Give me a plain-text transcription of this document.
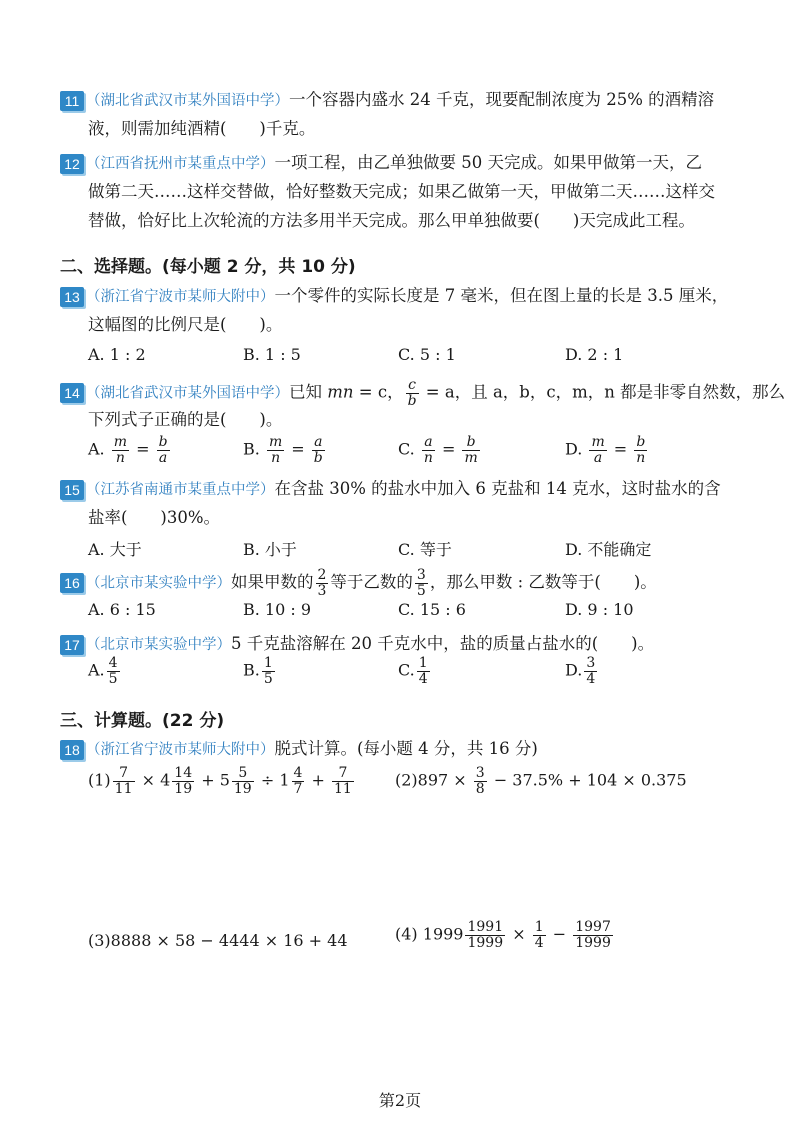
11 （湖北省武汉市某外国语中学）一个容器内盛水 24 千克，现要配制浓度为 25% 的酒精溶
液，则需加纯酒精(　　)千克。
12 （江西省抚州市某重点中学）一项工程，由乙单独做要 50 天完成。如果甲做第一天，乙
做第二天……这样交替做，恰好整数天完成；如果乙做第一天，甲做第二天……这样交
替做，恰好比上次轮流的方法多用半天完成。那么甲单独做要(　　)天完成此工程。
二、选择题。(每小题 2 分，共 10 分)
13 （浙江省宁波市某师大附中）一个零件的实际长度是 7 毫米，但在图上量的长是 3.5 厘米，
这幅图的比例尺是(　　)。
A. 1 : 2	B. 1 : 5	C. 5 : 1	D. 2 : 1
14 （湖北省武汉市某外国语中学）已知 mn = c， $\frac{c}{b} = a$，且 a，b，c，m，n 都是非零自然数，那么
下列式子正确的是(　　)。
A. $\frac{m}{n} = \frac{b}{a}$	B. $\frac{m}{n} = \frac{a}{b}$	C. $\frac{a}{n} = \frac{b}{m}$	D. $\frac{m}{a} = \frac{b}{n}$
15 （江苏省南通市某重点中学）在含盐 30% 的盐水中加入 6 克盐和 14 克水，这时盐水的含
盐率(　　)30%。
A. 大于	B. 小于	C. 等于	D. 不能确定
16 （北京市某实验中学）如果甲数的 $\frac{2}{3}$ 等于乙数的 $\frac{3}{5}$ ，那么甲数 : 乙数等于(　　)。
A. 6 : 15	B. 10 : 9	C. 15 : 6	D. 9 : 10
17 （北京市某实验中学）5 千克盐溶解在 20 千克水中，盐的质量占盐水的(　　)。
A. $\frac{4}{5}$	B. $\frac{1}{5}$	C. $\frac{1}{4}$	D. $\frac{3}{4}$
三、计算题。(22 分)
18 （浙江省宁波市某师大附中）脱式计算。(每小题 4 分，共 16 分)
$(1) \frac{7}{11} \times 4 \frac{14}{19} + 5 \frac{5}{19} \div 1 \frac{4}{7} + \frac{7}{11}$	$(2)897 \times \frac{3}{8} - 37.5\% + 104 \times 0.375$
(3)8888 × 58 − 4444 × 16 + 44	(4) $1999 \frac{1991}{1999} \times \frac{1}{4} - \frac{1997}{1999}$
第2页
